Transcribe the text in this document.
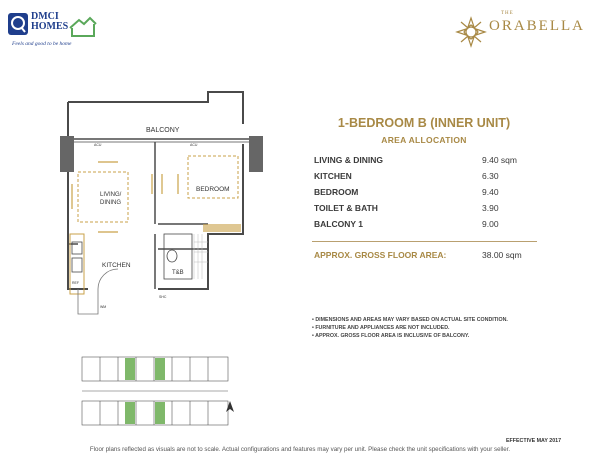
DMCI
HOMES
Feels and good to be home
THE
ORABELLA
BALCONY
LIVING/
DINING
BEDROOM
KITCHEN
T&B
ACU	ACU
REF
WM
SHC
1-BEDROOM B (INNER UNIT)
AREA ALLOCATION
LIVING & DINING	9.40 sqm
KITCHEN	6.30
BEDROOM	9.40
TOILET & BATH	3.90
BALCONY 1	9.00
APPROX. GROSS FLOOR AREA:	38.00 sqm
• DIMENSIONS AND AREAS MAY VARY BASED ON ACTUAL SITE CONDITION.
• FURNITURE AND APPLIANCES ARE NOT INCLUDED.
• APPROX. GROSS FLOOR AREA IS INCLUSIVE OF BALCONY.
EFFECTIVE MAY 2017
Floor plans reflected as visuals are not to scale. Actual configurations and features may vary per unit. Please check the unit specifications with your seller.
